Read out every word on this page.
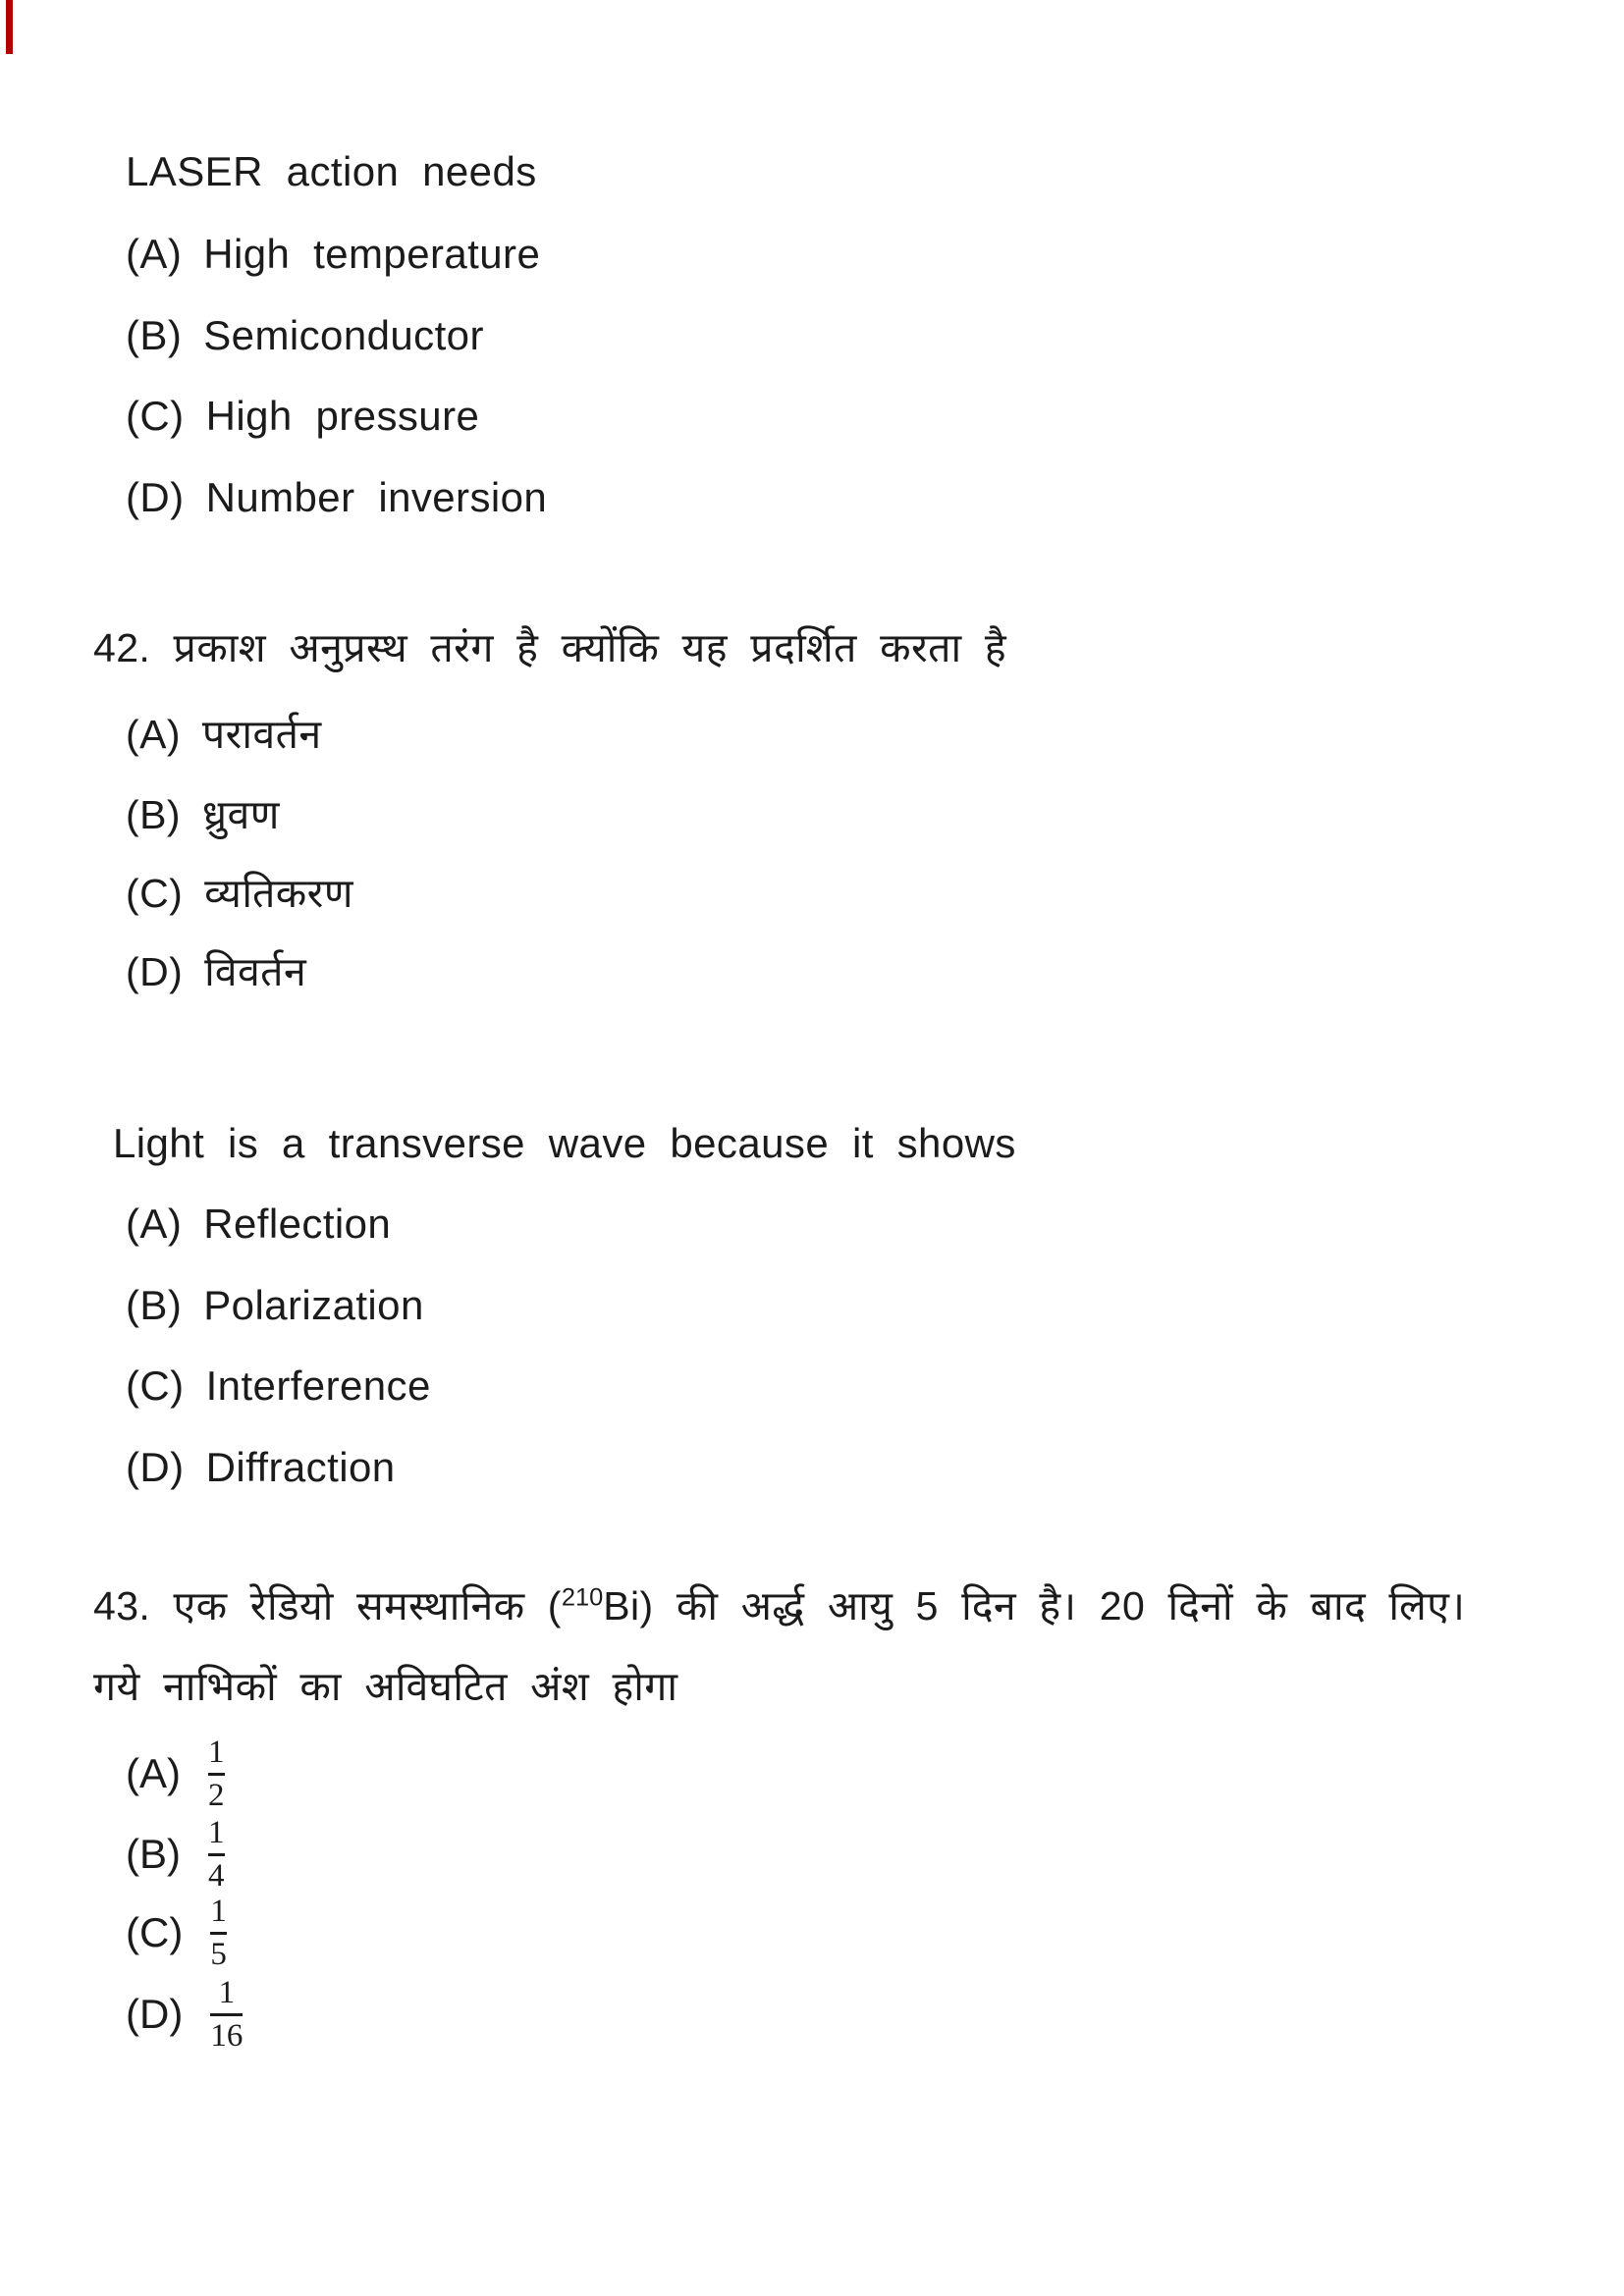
LASER action needs
(A) High temperature
(B) Semiconductor
(C) High pressure
(D) Number inversion
42. प्रकाश अनुप्रस्थ तरंग है क्योंकि यह प्रदर्शित करता है
(A) परावर्तन
(B) ध्रुवण
(C) व्यतिकरण
(D) विवर्तन
Light is a transverse wave because it shows
(A) Reflection
(B) Polarization
(C) Interference
(D) Diffraction
43. एक रेडियो समस्थानिक ($^{210}$Bi) की अर्द्ध आयु 5 दिन है। 20 दिनों के बाद लिए।
गये नाभिकों का अविघटित अंश होगा
$(A) \frac{1}{2}$
$(B) \frac{1}{4}$
$(C) \frac{1}{5}$
$(D) \frac{1}{16}$
